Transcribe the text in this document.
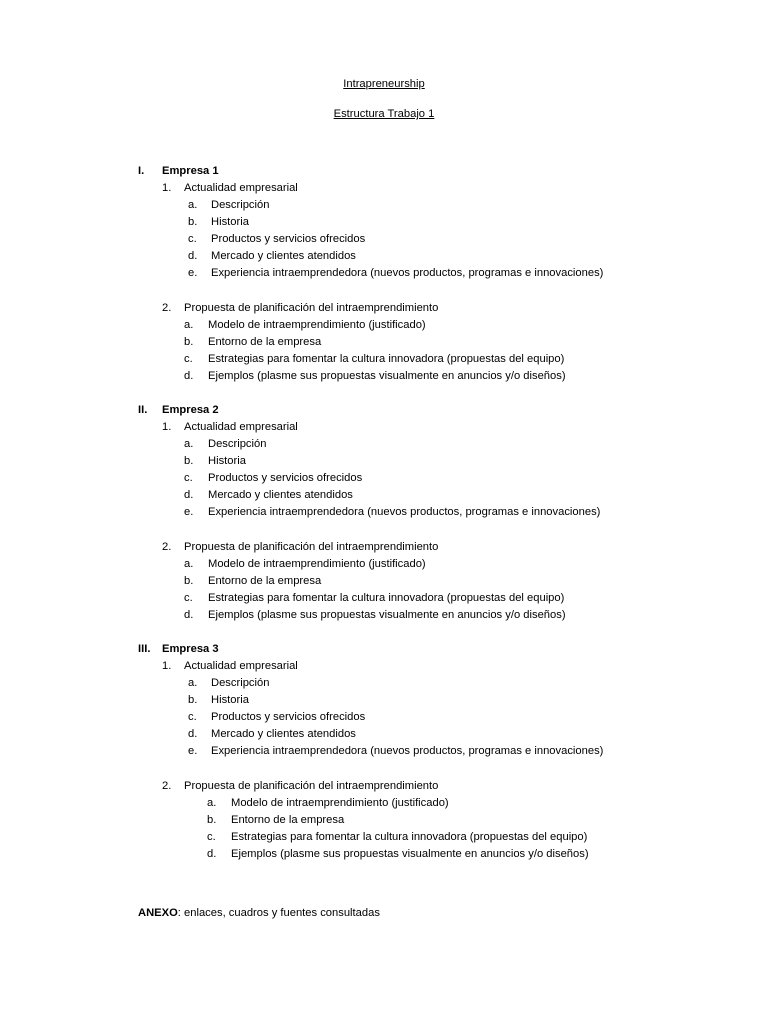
Intrapreneurship
Estructura Trabajo 1
I. Empresa 1
1. Actualidad empresarial
a. Descripción
b. Historia
c. Productos y servicios ofrecidos
d. Mercado y clientes atendidos
e. Experiencia intraemprendedora (nuevos productos, programas e innovaciones)
2. Propuesta de planificación del intraemprendimiento
a. Modelo de intraemprendimiento (justificado)
b. Entorno de la empresa
c. Estrategias para fomentar la cultura innovadora (propuestas del equipo)
d. Ejemplos (plasme sus propuestas visualmente en anuncios y/o diseños)
II. Empresa 2
1. Actualidad empresarial
a. Descripción
b. Historia
c. Productos y servicios ofrecidos
d. Mercado y clientes atendidos
e. Experiencia intraemprendedora (nuevos productos, programas e innovaciones)
2. Propuesta de planificación del intraemprendimiento
a. Modelo de intraemprendimiento (justificado)
b. Entorno de la empresa
c. Estrategias para fomentar la cultura innovadora (propuestas del equipo)
d. Ejemplos (plasme sus propuestas visualmente en anuncios y/o diseños)
III. Empresa 3
1. Actualidad empresarial
a. Descripción
b. Historia
c. Productos y servicios ofrecidos
d. Mercado y clientes atendidos
e. Experiencia intraemprendedora (nuevos productos, programas e innovaciones)
2. Propuesta de planificación del intraemprendimiento
a. Modelo de intraemprendimiento (justificado)
b. Entorno de la empresa
c. Estrategias para fomentar la cultura innovadora (propuestas del equipo)
d. Ejemplos (plasme sus propuestas visualmente en anuncios y/o diseños)
ANEXO: enlaces, cuadros y fuentes consultadas
